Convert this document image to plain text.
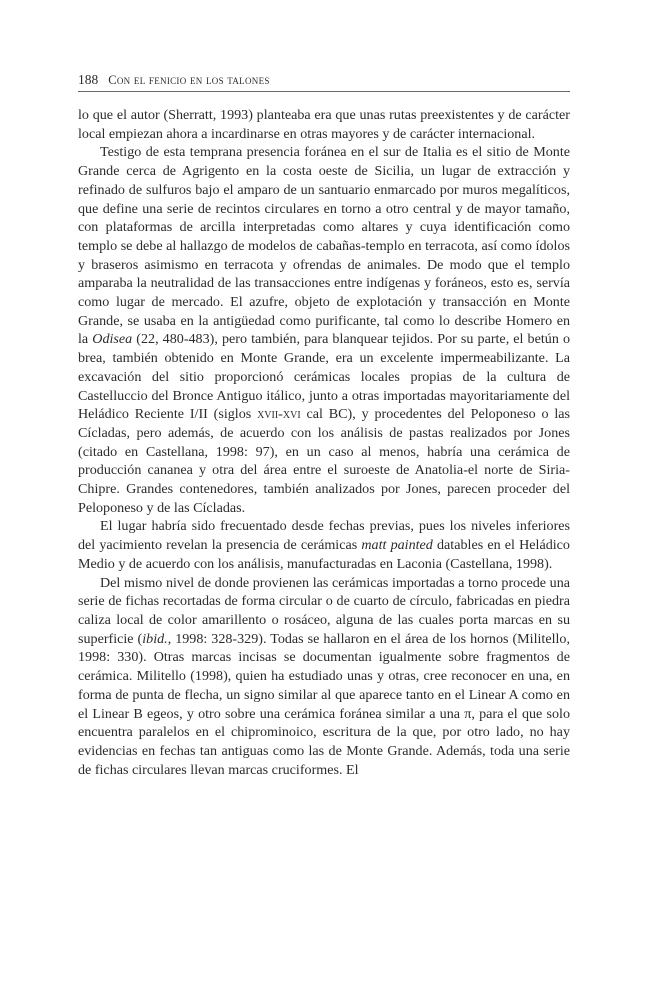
188 Con el fenicio en los talones

lo que el autor (Sherratt, 1993) planteaba era que unas rutas preexistentes y de carácter local empiezan ahora a incardinarse en otras mayores y de carácter internacional.

Testigo de esta temprana presencia foránea en el sur de Italia es el sitio de Monte Grande cerca de Agrigento en la costa oeste de Sicilia, un lugar de extracción y refinado de sulfuros bajo el amparo de un santuario enmarcado por muros megalíticos, que define una serie de recintos circulares en torno a otro central y de mayor tamaño, con plataformas de arcilla interpretadas como altares y cuya identificación como templo se debe al hallazgo de modelos de cabañas-templo en terracota, así como ídolos y braseros asimismo en terracota y ofrendas de animales. De modo que el templo amparaba la neutralidad de las transacciones entre indígenas y foráneos, esto es, servía como lugar de mercado. El azufre, objeto de explotación y transacción en Monte Grande, se usaba en la antigüedad como purificante, tal como lo describe Homero en la Odisea (22, 480-483), pero también, para blanquear tejidos. Por su parte, el betún o brea, también obtenido en Monte Grande, era un excelente impermeabilizante. La excavación del sitio proporcionó cerámicas locales propias de la cultura de Castelluccio del Bronce Antiguo itálico, junto a otras importadas mayoritariamente del Heládico Reciente I/II (siglos xvii-xvi cal BC), y procedentes del Peloponeso o las Cícladas, pero además, de acuerdo con los análisis de pastas realizados por Jones (citado en Castellana, 1998: 97), en un caso al menos, habría una cerámica de producción cananea y otra del área entre el suroeste de Anatolia-el norte de Siria-Chipre. Grandes contenedores, también analizados por Jones, parecen proceder del Peloponeso y de las Cícladas.

El lugar habría sido frecuentado desde fechas previas, pues los niveles inferiores del yacimiento revelan la presencia de cerámicas matt painted datables en el Heládico Medio y de acuerdo con los análisis, manufacturadas en Laconia (Castellana, 1998).

Del mismo nivel de donde provienen las cerámicas importadas a torno procede una serie de fichas recortadas de forma circular o de cuarto de círculo, fabricadas en piedra caliza local de color amarillento o rosáceo, alguna de las cuales porta marcas en su superficie (ibid., 1998: 328-329). Todas se hallaron en el área de los hornos (Militello, 1998: 330). Otras marcas incisas se documentan igualmente sobre fragmentos de cerámica. Militello (1998), quien ha estudiado unas y otras, cree reconocer en una, en forma de punta de flecha, un signo similar al que aparece tanto en el Linear A como en el Linear B egeos, y otro sobre una cerámica foránea similar a una π, para el que solo encuentra paralelos en el chiprominoico, escritura de la que, por otro lado, no hay evidencias en fechas tan antiguas como las de Monte Grande. Además, toda una serie de fichas circulares llevan marcas cruciformes. El
